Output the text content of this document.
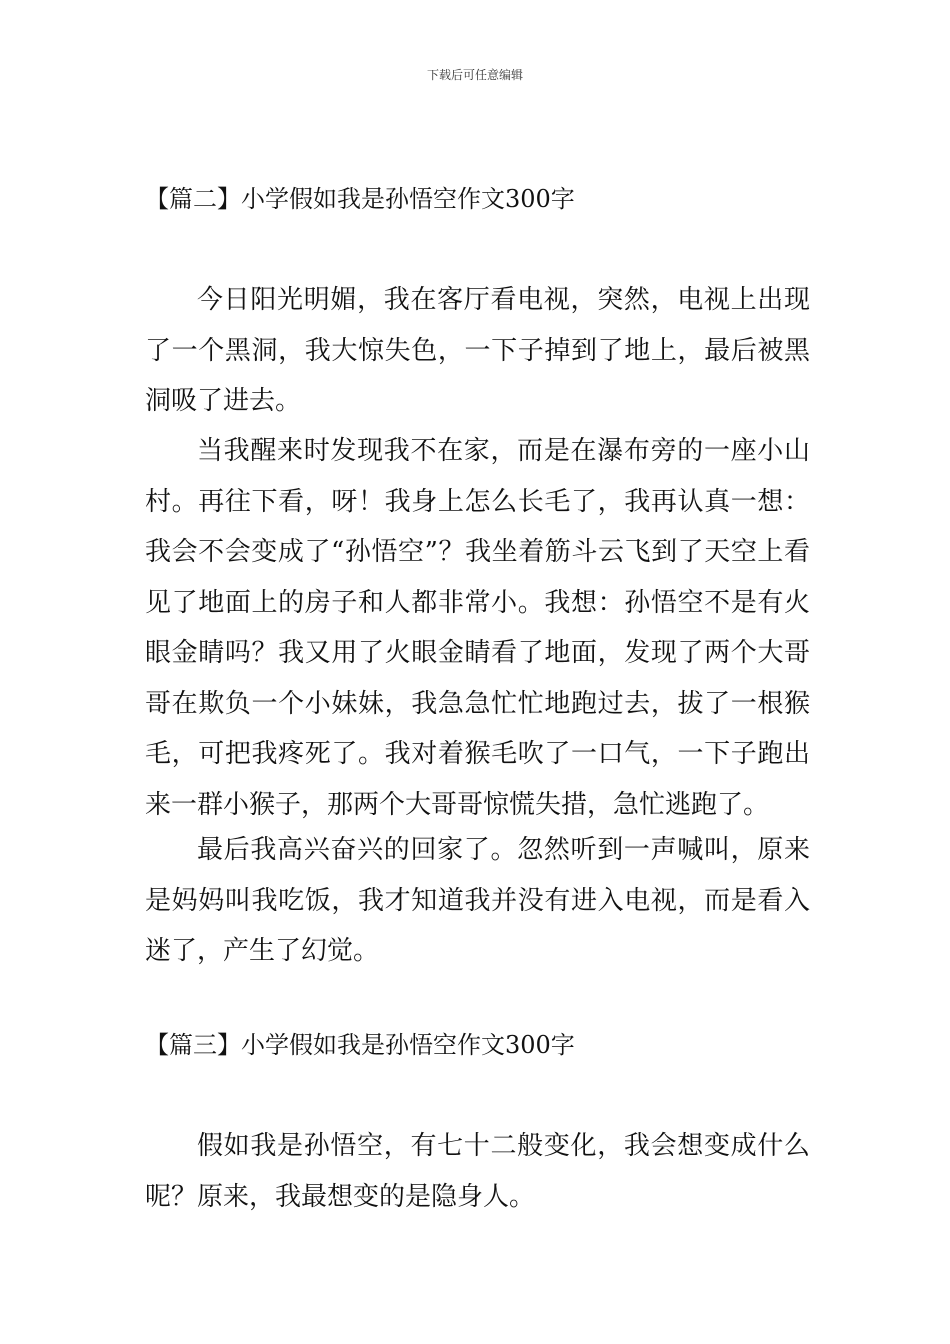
下载后可任意编辑
【篇二】小学假如我是孙悟空作文300字

今日阳光明媚，我在客厅看电视，突然，电视上出现了一个黑洞，我大惊失色，一下子掉到了地上，最后被黑洞吸了进去。

当我醒来时发现我不在家，而是在瀑布旁的一座小山村。再往下看，呀！我身上怎么长毛了，我再认真一想：我会不会变成了“孙悟空”？我坐着筋斗云飞到了天空上看见了地面上的房子和人都非常小。我想：孙悟空不是有火眼金睛吗？我又用了火眼金睛看了地面，发现了两个大哥哥在欺负一个小妹妹，我急急忙忙地跑过去，拔了一根猴毛，可把我疼死了。我对着猴毛吹了一口气，一下子跑出来一群小猴子，那两个大哥哥惊慌失措，急忙逃跑了。

最后我高兴奋兴的回家了。忽然听到一声喊叫，原来是妈妈叫我吃饭，我才知道我并没有进入电视，而是看入迷了，产生了幻觉。

【篇三】小学假如我是孙悟空作文300字

假如我是孙悟空，有七十二般变化，我会想变成什么呢？原来，我最想变的是隐身人。
